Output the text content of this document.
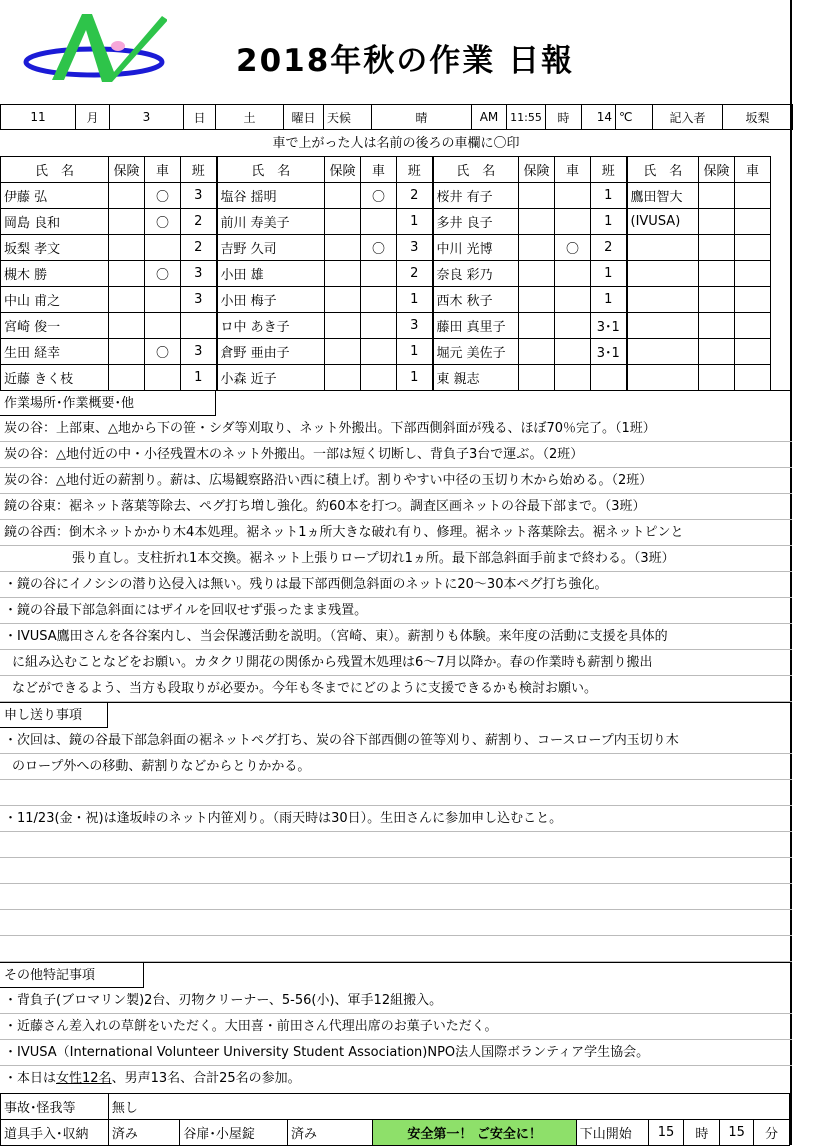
2018年秋の作業 日報
11	月	3	日	土	曜日	天候	晴	AM	11:55	時	14	℃	記入者	坂梨
車で上がった人は名前の後ろの車欄に〇印
氏　名	保険	車	班	氏　名	保険	車	班	氏　名	保険	車	班	氏　名	保険	車
伊藤 弘		〇	3	塩谷 揺明		〇	2	桜井 有子			1	鷹田智大		
岡島 良和		〇	2	前川 寿美子			1	多井 良子			1	(IVUSA)		
坂梨 孝文			2	吉野 久司		〇	3	中川 光博		〇	2			
槻木 勝		〇	3	小田 雄			2	奈良 彩乃			1			
中山 甫之			3	小田 梅子			1	西木 秋子			1			
宮崎 俊一				ロ中 あき子			3	藤田 真里子			3･1			
生田 経幸		〇	3	倉野 亜由子			1	堀元 美佐子			3･1			
近藤 きく枝			1	小森 近子			1	東 親志						
作業場所･作業概要･他
炭の谷：上部東、△地から下の笹・シダ等刈取り、ネット外搬出。下部西側斜面が残る、ほぼ70％完了。（1班）
炭の谷：△地付近の中・小径残置木のネット外搬出。一部は短く切断し、背負子3台で運ぶ。（2班）
炭の谷：△地付近の薪割り。薪は、広場観察路沿い西に積上げ。割りやすい中径の玉切り木から始める。（2班）
鏡の谷東：裾ネット落葉等除去、ペグ打ち増し強化。約60本を打つ。調査区画ネットの谷最下部まで。（3班）
鏡の谷西：倒木ネットかかり木4本処理。裾ネット1ヵ所大きな破れ有り、修理。裾ネット落葉除去。裾ネットピンと
張り直し。支柱折れ1本交換。裾ネット上張りロープ切れ1ヵ所。最下部急斜面手前まで終わる。（3班）
・鏡の谷にイノシシの潜り込侵入は無い。残りは最下部西側急斜面のネットに20～30本ペグ打ち強化。
・鏡の谷最下部急斜面にはザイルを回収せず張ったまま残置。
・IVUSA鷹田さんを各谷案内し、当会保護活動を説明。（宮崎、東）。薪割りも体験。来年度の活動に支援を具体的
に組み込むことなどをお願い。カタクリ開花の関係から残置木処理は6～7月以降か。春の作業時も薪割り搬出
などができるよう、当方も段取りが必要か。今年も冬までにどのように支援できるかも検討お願い。
申し送り事項
・次回は、鏡の谷最下部急斜面の裾ネットペグ打ち、炭の谷下部西側の笹等刈り、薪割り、コースロープ内玉切り木
のロープ外への移動、薪割りなどからとりかかる。
・11/23(金・祝)は逢坂峠のネット内笹刈り。（雨天時は30日）。生田さんに参加申し込むこと。
その他特記事項
・背負子(ブロマリン製)2台、刃物クリーナー、5-56(小)、軍手12組搬入。
・近藤さん差入れの草餅をいただく。大田喜・前田さん代理出席のお菓子いただく。
・IVUSA（International Volunteer University Student Association)NPO法人国際ボランティア学生協会。
・本日は女性12名、男声13名、合計25名の参加。
事故･怪我等	無し								
道具手入･収納	済み	谷扉･小屋錠	済み	安全第一！ ご安全に！	下山開始	15	時	15	分
